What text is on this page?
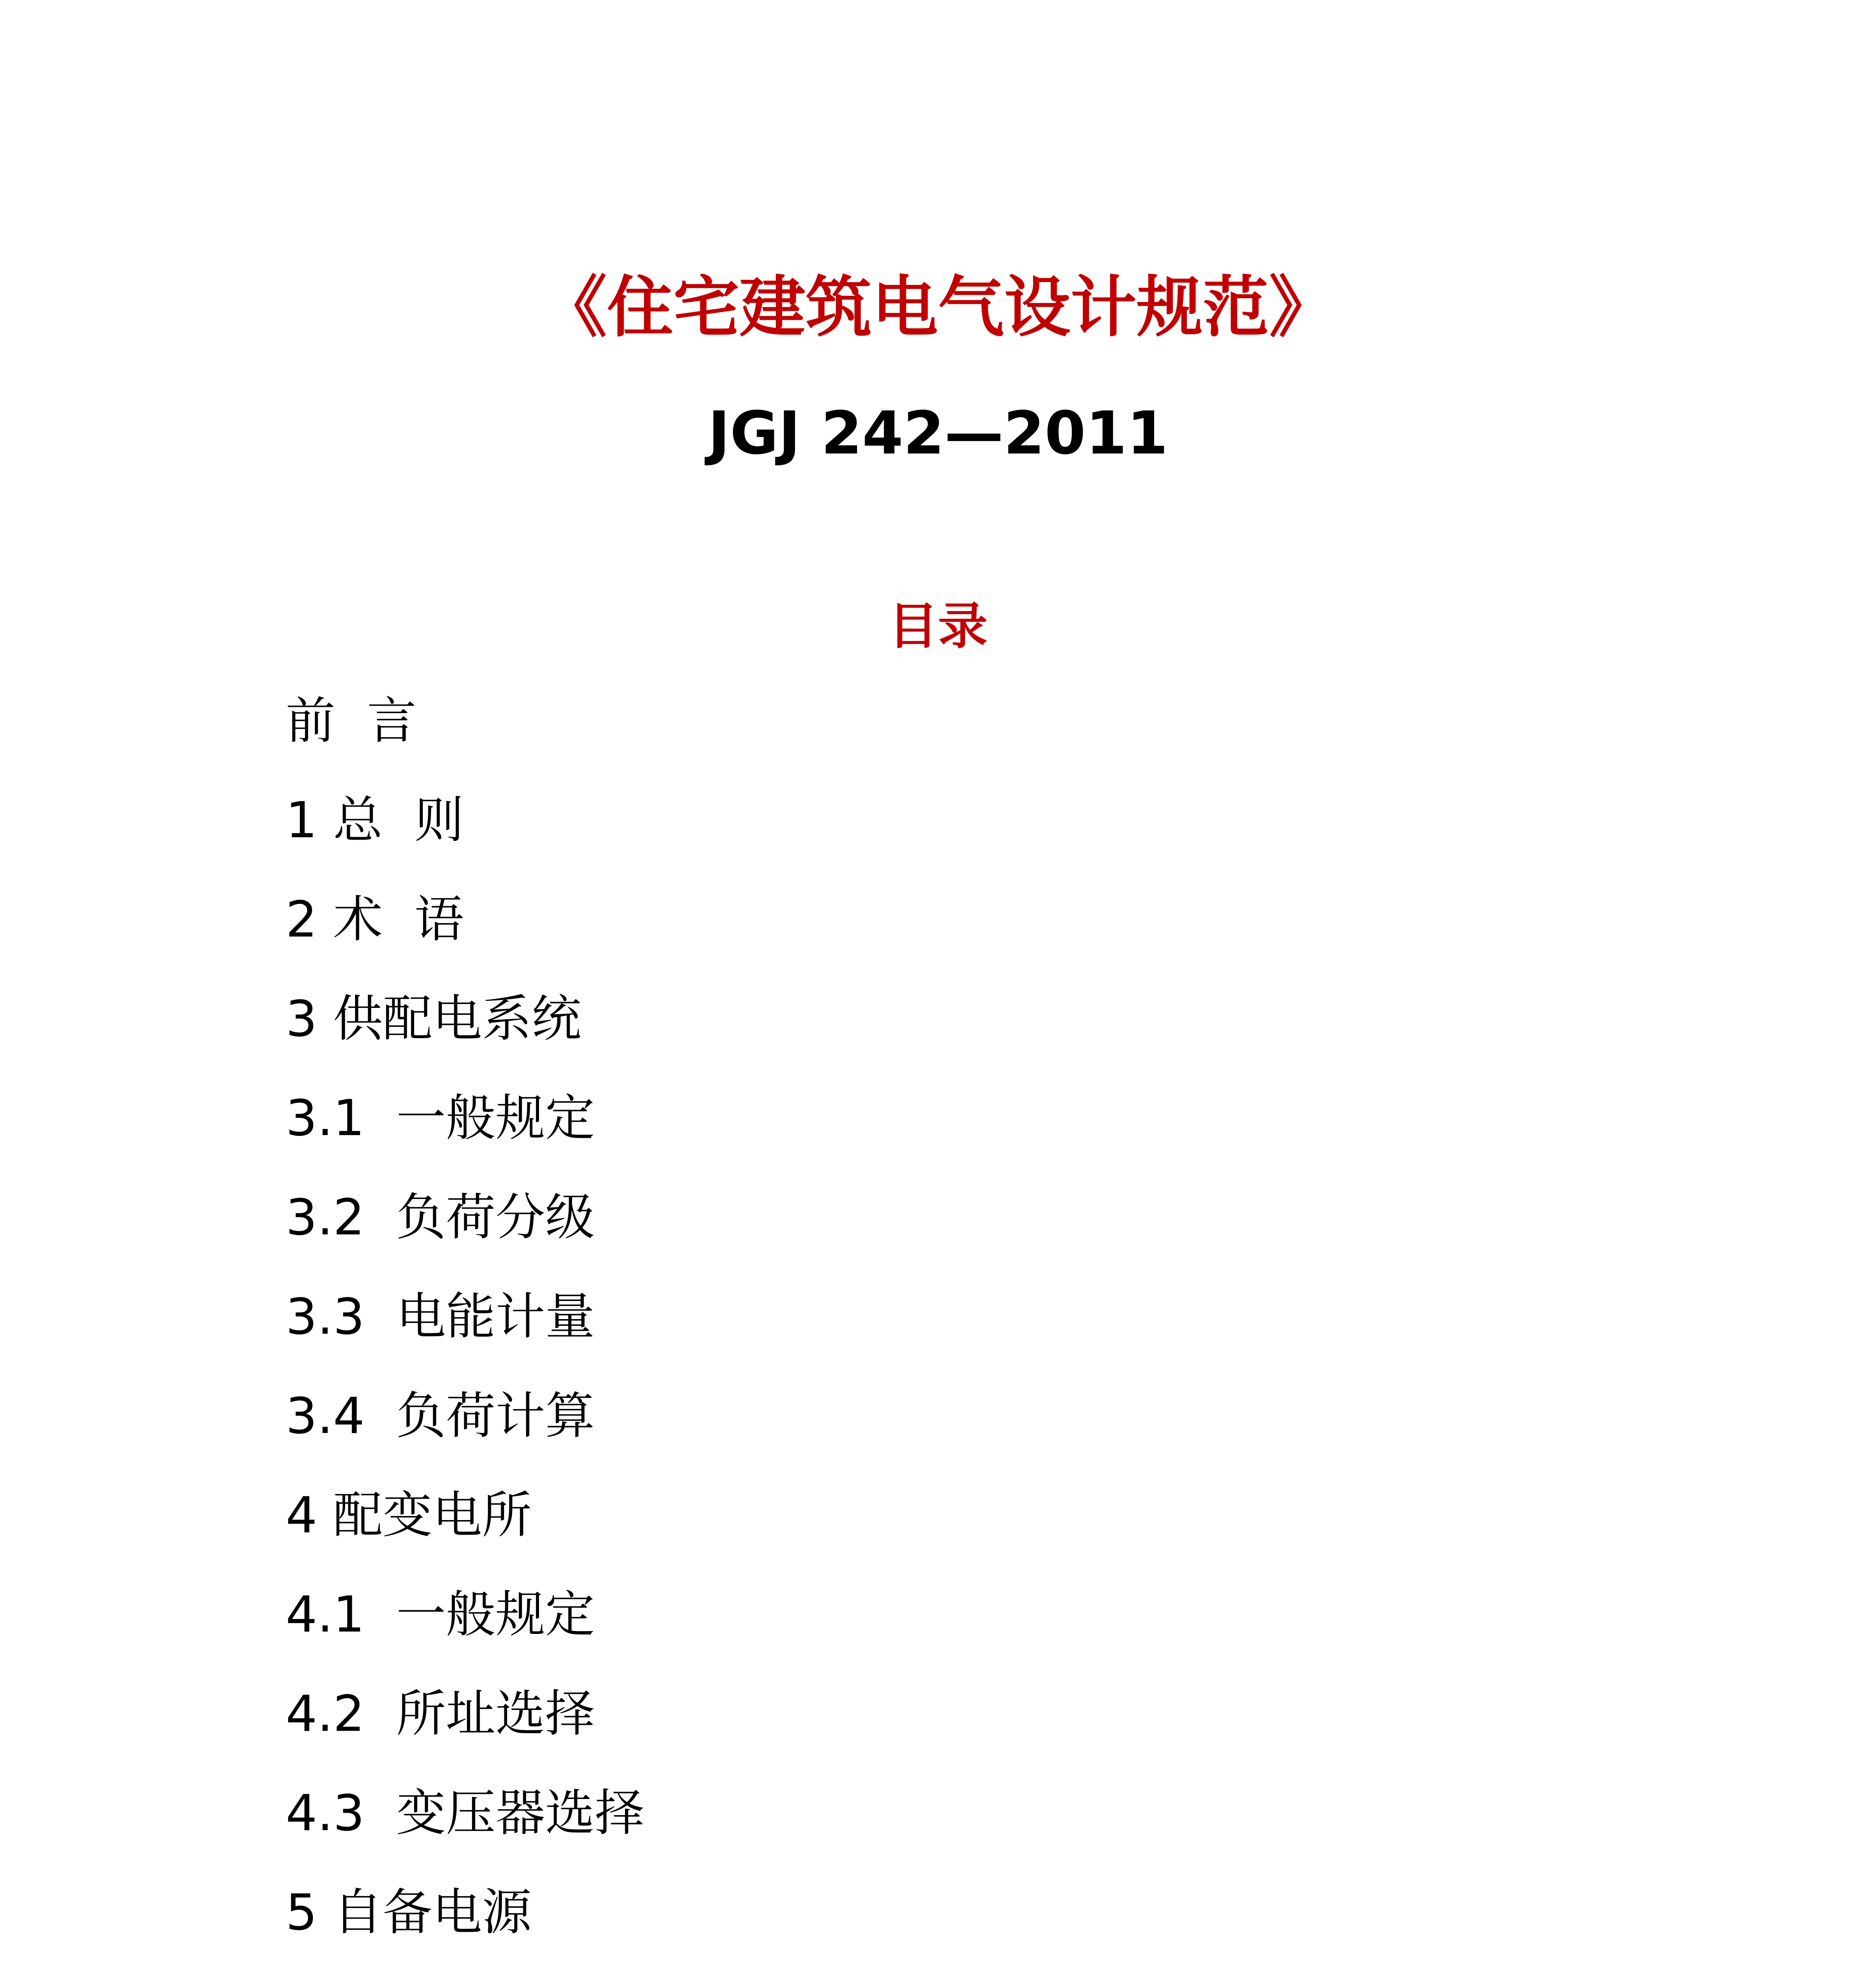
《住宅建筑电气设计规范》
JGJ 242—2011
目录
前  言
1 总  则
2 术  语
3 供配电系统
3.1  一般规定
3.2  负荷分级
3.3  电能计量
3.4  负荷计算
4 配变电所
4.1  一般规定
4.2  所址选择
4.3  变压器选择
5 自备电源
